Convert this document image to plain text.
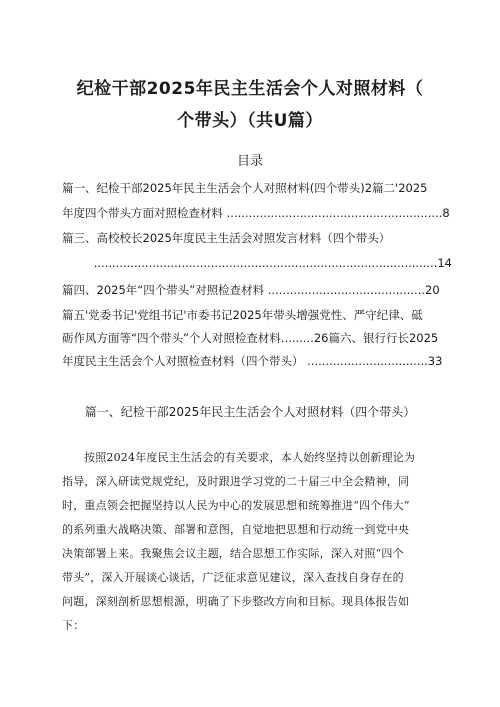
纪检干部2025年民主生活会个人对照材料（
个带头）（共U篇）
目录
篇一、纪检干部2025年民主生活会个人对照材料(四个带头)2篇二'2025
年度四个带头方面对照检查材料 ...........................................................8
篇三、高校校长2025年度民主生活会对照发言材料（四个带头）
..............................................................................................14
篇四、2025年“四个带头”对照检查材料 ...........................................20
篇五'党委书记'党组书记'市委书记2025年带头增强党性、严守纪律、砥
砺作风方面等“四个带头”个人对照检查材料.........26篇六、银行行长2025
年度民主生活会个人对照检查材料（四个带头） .................................33
篇一、纪检干部2025年民主生活会个人对照材料（四个带头）
按照2024年度民主生活会的有关要求，本人始终坚持以创新理论为
指导，深入研读党规党纪，及时跟进学习党的二十届三中全会精神，同
时，重点领会把握坚持以人民为中心的发展思想和统筹推进“四个伟大”
的系列重大战略决策、部署和意图，自觉地把思想和行动统一到党中央
决策部署上来。我聚焦会议主题，结合思想工作实际，深入对照“四个
带头”，深入开展谈心谈话，广泛征求意见建议，深入查找自身存在的
问题，深刻剖析思想根源，明确了下步整改方向和目标。现具体报告如
下：
